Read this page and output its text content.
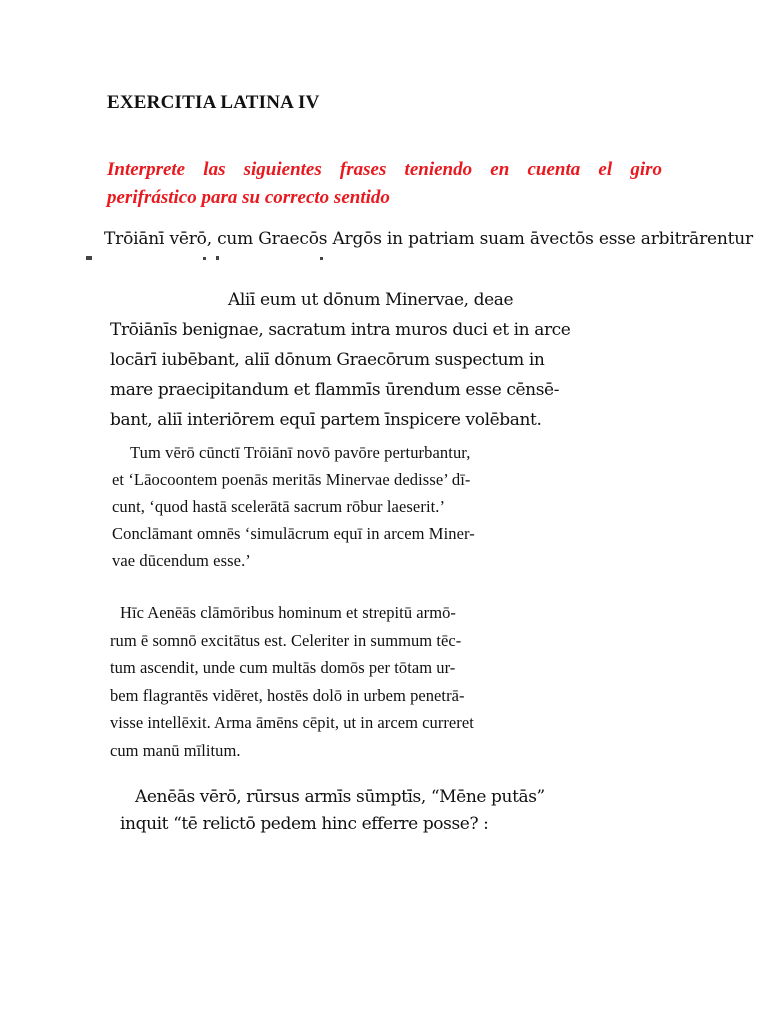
EXERCITIA LATINA IV
Interprete las siguientes frases teniendo en cuenta el giro
perifrástico para su correcto sentido
Trōiānī vērō, cum Graecōs Argōs in patriam suam āvectōs esse arbitrārentur
Aliī eum ut dōnum Minervae, deae
Trōiānīs benignae, sacratum intra muros duci et in arce
locārī iubēbant, aliī dōnum Graecōrum suspectum in
mare praecipitandum et flammīs ūrendum esse cēnsē-
bant, aliī interiōrem equī partem īnspicere volēbant.
Tum vērō cūnctī Trōiānī novō pavōre perturbantur,
et ‘Lāocoontem poenās meritās Minervae dedisse’ dī-
cunt, ‘quod hastā scelerātā sacrum rōbur laeserit.’
Conclāmant omnēs ‘simulācrum equī in arcem Miner-
vae dūcendum esse.’
Hīc Aenēās clāmōribus hominum et strepitū armō-
rum ē somnō excitātus est. Celeriter in summum tēc-
tum ascendit, unde cum multās domōs per tōtam ur-
bem flagrantēs vidēret, hostēs dolō in urbem penetrā-
visse intellēxit. Arma āmēns cēpit, ut in arcem curreret
cum manū mīlitum.
Aenēās vērō, rūrsus armīs sūmptīs, “Mēne putās”
inquit “tē relictō pedem hinc efferre posse? :
